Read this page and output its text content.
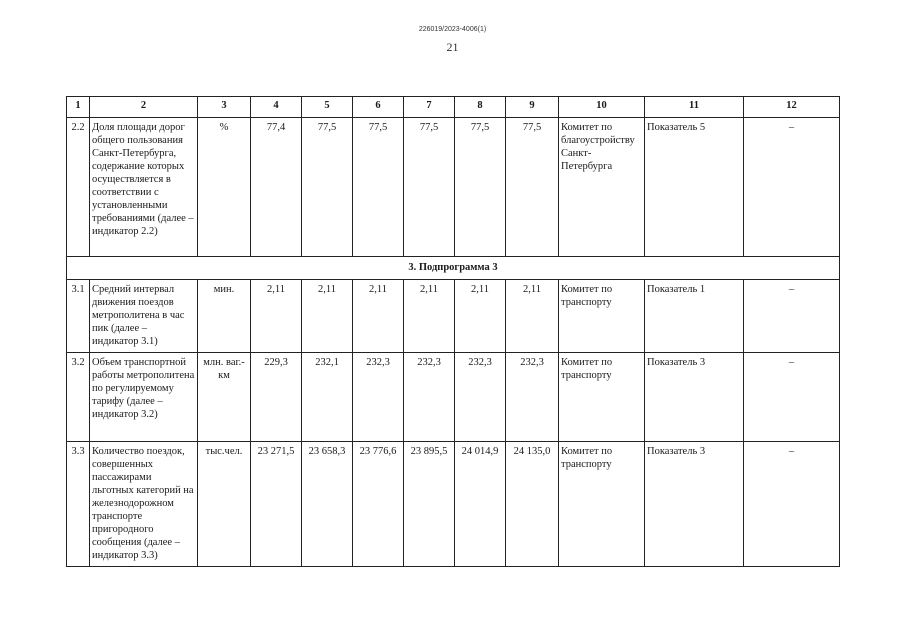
226019/2023-4006(1)
21
1	2	3	4	5	6	7	8	9	10	11	12
2.2	Доля площади дорог общего пользования Санкт-Петербурга, содержание которых осуществляется в соответствии с установленными требованиями (далее – индикатор 2.2)	%	77,4	77,5	77,5	77,5	77,5	77,5	Комитет по благоустройству Санкт-Петербурга	Показатель 5	–
3. Подпрограмма 3											
3.1	Средний интервал движения поездов метрополитена в час пик (далее – индикатор 3.1)	мин.	2,11	2,11	2,11	2,11	2,11	2,11	Комитет по транспорту	Показатель 1	–
3.2	Объем транспортной работы метрополитена по регулируемому тарифу (далее – индикатор 3.2)	млн. ваг.-км	229,3	232,1	232,3	232,3	232,3	232,3	Комитет по транспорту	Показатель 3	–
3.3	Количество поездок, совершенных пассажирами льготных категорий на железнодорожном транспорте пригородного сообщения (далее – индикатор 3.3)	тыс.чел.	23 271,5	23 658,3	23 776,6	23 895,5	24 014,9	24 135,0	Комитет по транспорту	Показатель 3	–
